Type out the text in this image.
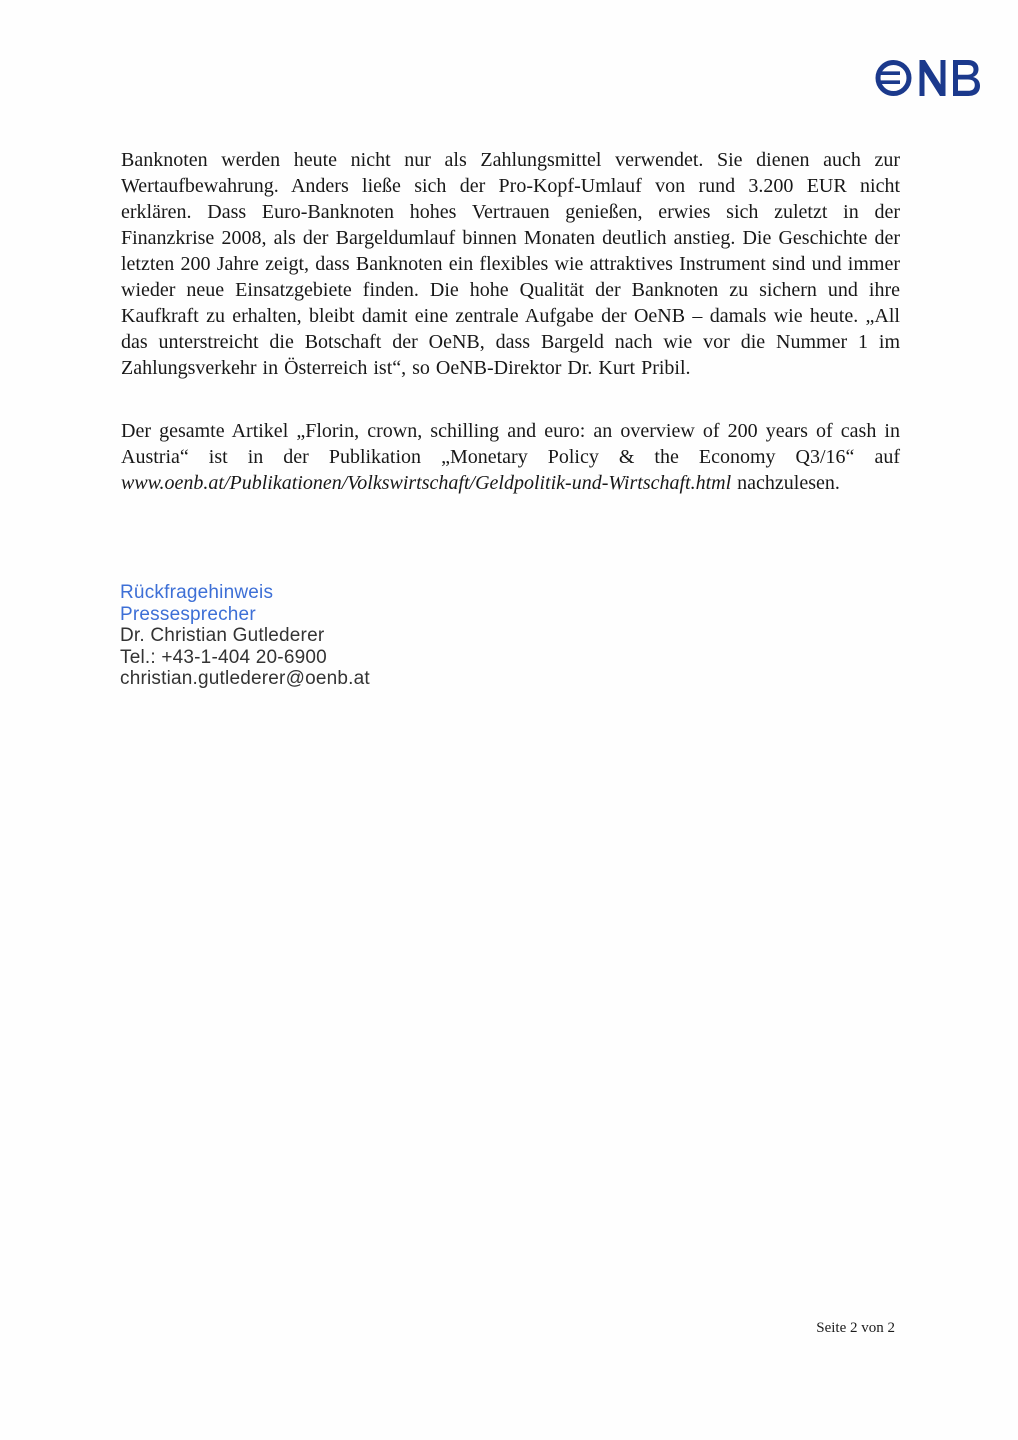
Banknoten werden heute nicht nur als Zahlungsmittel verwendet. Sie dienen auch zur Wertaufbewahrung. Anders ließe sich der Pro-Kopf-Umlauf von rund 3.200 EUR nicht erklären. Dass Euro-Banknoten hohes Vertrauen genießen, erwies sich zuletzt in der Finanzkrise 2008, als der Bargeldumlauf binnen Monaten deutlich anstieg. Die Geschichte der letzten 200 Jahre zeigt, dass Banknoten ein flexibles wie attraktives Instrument sind und immer wieder neue Einsatzgebiete finden. Die hohe Qualität der Banknoten zu sichern und ihre Kaufkraft zu erhalten, bleibt damit eine zentrale Aufgabe der OeNB – damals wie heute. „All das unterstreicht die Botschaft der OeNB, dass Bargeld nach wie vor die Nummer 1 im Zahlungsverkehr in Österreich ist“, so OeNB-Direktor Dr. Kurt Pribil.

Der gesamte Artikel „Florin, crown, schilling and euro: an overview of 200 years of cash in Austria“ ist in der Publikation „Monetary Policy & the Economy Q3/16“ auf www.oenb.at/Publikationen/Volkswirtschaft/Geldpolitik-und-Wirtschaft.html nachzulesen.

Rückfragehinweis
Pressesprecher
Dr. Christian Gutlederer
Tel.: +43-1-404 20-6900
christian.gutlederer@oenb.at
Seite 2 von 2
